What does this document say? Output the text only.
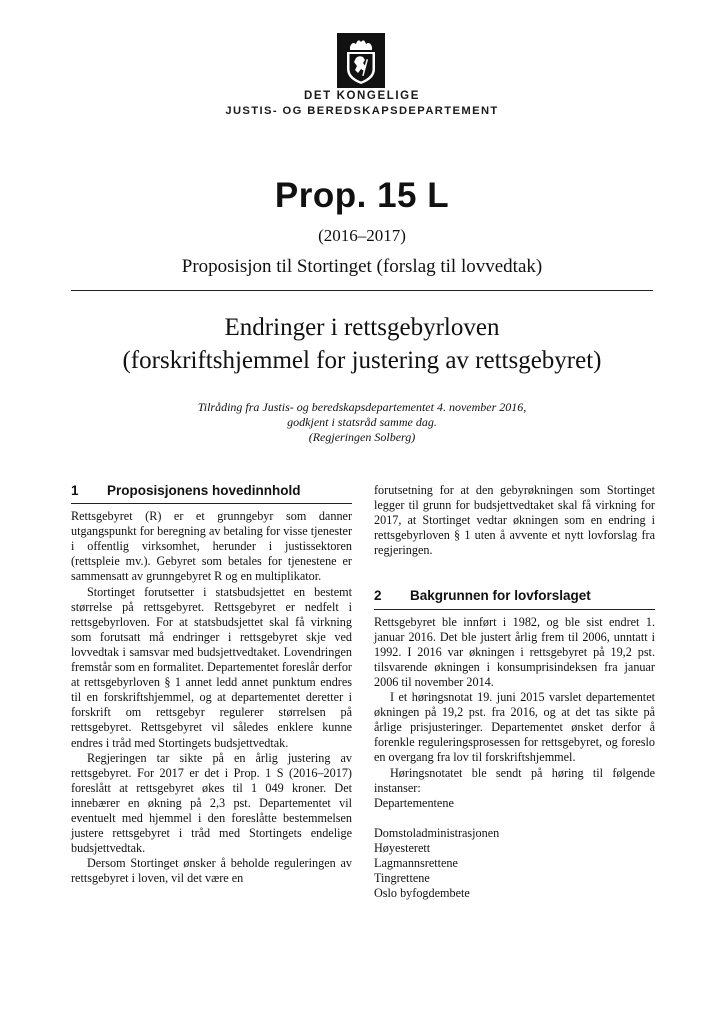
DET KONGELIGE
JUSTIS- OG BEREDSKAPSDEPARTEMENT
Prop. 15 L
(2016–2017)
Proposisjon til Stortinget (forslag til lovvedtak)
Endringer i rettsgebyrloven
(forskriftshjemmel for justering av rettsgebyret)
Tilråding fra Justis- og beredskapsdepartementet 4. november 2016,
godkjent i statsråd samme dag.
(Regjeringen Solberg)
1	Proposisjonens hovedinnhold

Rettsgebyret (R) er et grunngebyr som danner utgangspunkt for beregning av betaling for visse tjenester i offentlig virksomhet, herunder i justissektoren (rettspleie mv.). Gebyret som betales for tjenestene er sammensatt av grunngebyret R og en multiplikator.

Stortinget forutsetter i statsbudsjettet en bestemt størrelse på rettsgebyret. Rettsgebyret er nedfelt i rettsgebyrloven. For at statsbudsjettet skal få virkning som forutsatt må endringer i rettsgebyret skje ved lovvedtak i samsvar med budsjettvedtaket. Lovendringen fremstår som en formalitet. Departementet foreslår derfor at rettsgebyrloven § 1 annet ledd annet punktum endres til en forskriftshjemmel, og at departementet deretter i forskrift om rettsgebyr regulerer størrelsen på rettsgebyret. Rettsgebyret vil således enklere kunne endres i tråd med Stortingets budsjettvedtak.

Regjeringen tar sikte på en årlig justering av rettsgebyret. For 2017 er det i Prop. 1 S (2016–2017) foreslått at rettsgebyret økes til 1 049 kroner. Det innebærer en økning på 2,3 pst. Departementet vil eventuelt med hjemmel i den foreslåtte bestemmelsen justere rettsgebyret i tråd med Stortingets endelige budsjettvedtak.

Dersom Stortinget ønsker å beholde reguleringen av rettsgebyret i loven, vil det være en

forutsetning for at den gebyrøkningen som Stortinget legger til grunn for budsjettvedtaket skal få virkning for 2017, at Stortinget vedtar økningen som en endring i rettsgebyrloven § 1 uten å avvente et nytt lovforslag fra regjeringen.

2	Bakgrunnen for lovforslaget

Rettsgebyret ble innført i 1982, og ble sist endret 1. januar 2016. Det ble justert årlig frem til 2006, unntatt i 1992. I 2016 var økningen i rettsgebyret på 19,2 pst. tilsvarende økningen i konsumprisindeksen fra januar 2006 til november 2014.

I et høringsnotat 19. juni 2015 varslet departementet økningen på 19,2 pst. fra 2016, og at det tas sikte på årlige prisjusteringer. Departementet ønsket derfor å forenkle reguleringsprosessen for rettsgebyret, og foreslo en overgang fra lov til forskriftshjemmel.

Høringsnotatet ble sendt på høring til følgende instanser:

Departementene
Domstoladministrasjonen
Høyesterett
Lagmannsrettene
Tingrettene
Oslo byfogdembete
